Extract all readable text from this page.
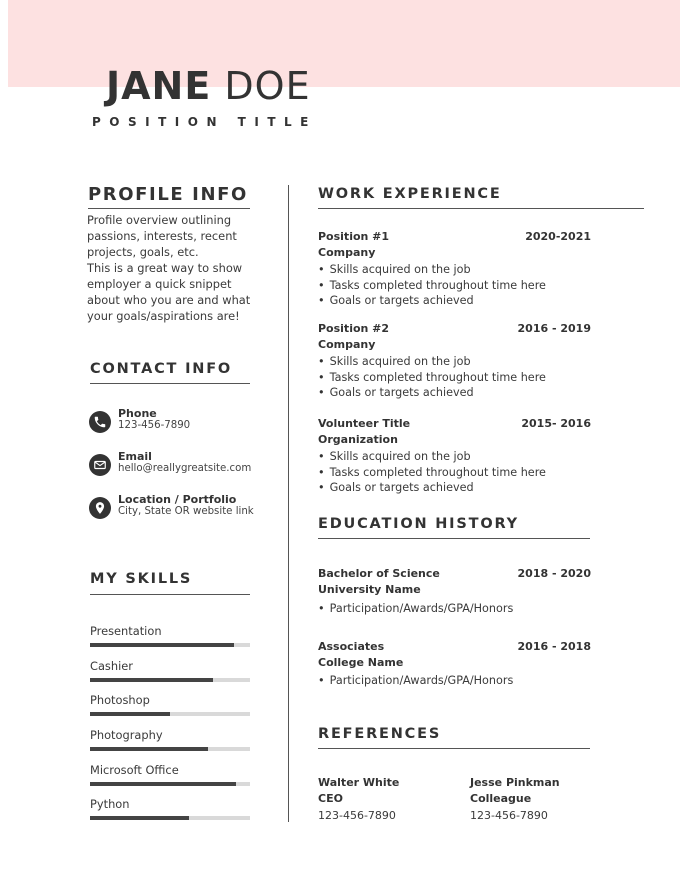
JANE DOE
POSITION TITLE
PROFILE INFO
Profile overview outlining
passions, interests, recent
projects, goals, etc.
This is a great way to show
employer a quick snippet
about who you are and what
your goals/aspirations are!
CONTACT INFO
Phone
123-456-7890
Email
hello@reallygreatsite.com
Location / Portfolio
City, State OR website link
MY SKILLS
Presentation
Cashier
Photoshop
Photography
Microsoft Office
Python
WORK EXPERIENCE
Position #1	2020-2021
Company
• Skills acquired on the job
• Tasks completed throughout time here
• Goals or targets achieved
Position #2	2016 - 2019
Company
• Skills acquired on the job
• Tasks completed throughout time here
• Goals or targets achieved
Volunteer Title	2015- 2016
Organization
• Skills acquired on the job
• Tasks completed throughout time here
• Goals or targets achieved
EDUCATION HISTORY
Bachelor of Science	2018 - 2020
University Name
• Participation/Awards/GPA/Honors
Associates	2016 - 2018
College Name
• Participation/Awards/GPA/Honors
REFERENCES
Walter White
CEO
123-456-7890
Jesse Pinkman
Colleague
123-456-7890
